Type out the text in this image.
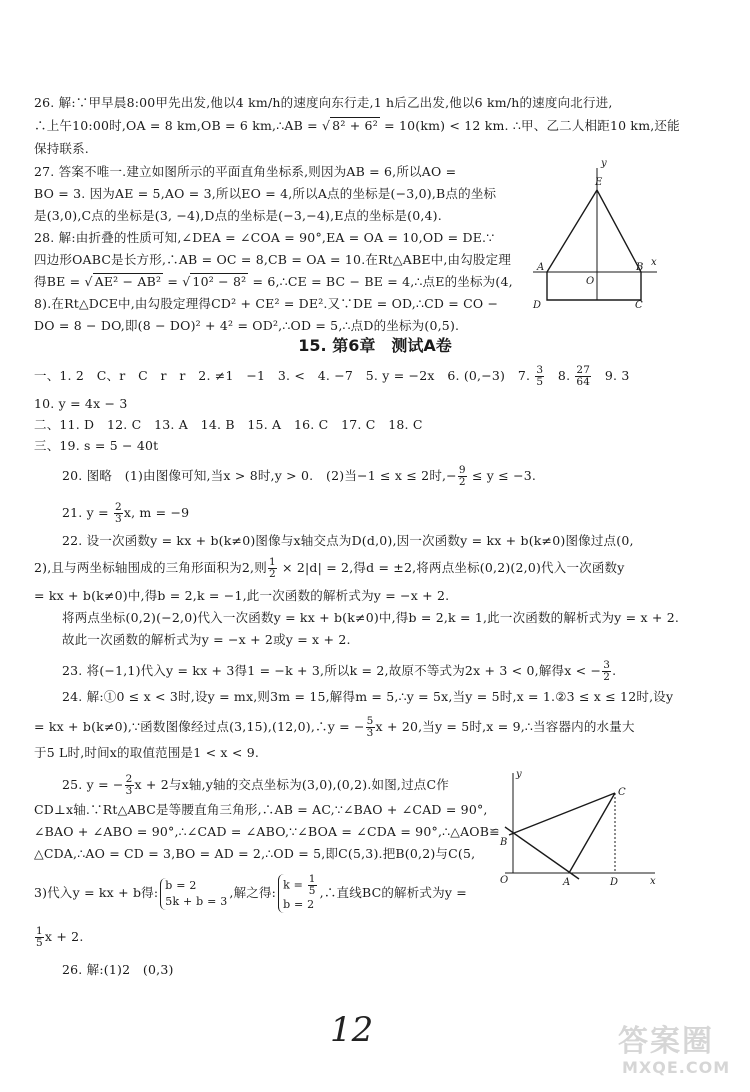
26. 解:∵甲早晨8:00甲先出发,他以4 km/h的速度向东行走,1 h后乙出发,他以6 km/h的速度向北行进,
∴上午10:00时,OA = 8 km,OB = 6 km,∴AB = √ 8² + 6² = 10(km) < 12 km. ∴甲、乙二人相距10 km,还能
保持联系.
27. 答案不唯一.建立如图所示的平面直角坐标系,则因为AB = 6,所以AO =
BO = 3. 因为AE = 5,AO = 3,所以EO = 4,所以A点的坐标是(−3,0),B点的坐标
是(3,0),C点的坐标是(3, −4),D点的坐标是(−3,−4),E点的坐标是(0,4).
28. 解:由折叠的性质可知,∠DEA = ∠COA = 90°,EA = OA = 10,OD = DE.∵
四边形OABC是长方形,∴AB = OC = 8,CB = OA = 10.在Rt△ABE中,由勾股定理
得BE = √ AE² − AB² = √ 10² − 8² = 6,∴CE = BC − BE = 4,∴点E的坐标为(4,
8).在Rt△DCE中,由勾股定理得CD² + CE² = DE².又∵DE = OD,∴CD = CO −
DO = 8 − DO,即(8 − DO)² + 4² = OD²,∴OD = 5,∴点D的坐标为(0,5).
y
x
E
A	B
O
D	C
15. 第6章　测试A卷
一、1. 2　C、r　C　r　r　2. ≠1　−1　3. <　4. −7　5. y = −2x　6. (0,−3)　7. $\frac{3}{5}$ 　8. $\frac{27}{64}$ 　9. 3
10. y = 4x − 3
二、11. D　12. C　13. A　14. B　15. A　16. C　17. C　18. C
三、19. s = 5 − 40t
20. 图略　(1)由图像可知,当x > 8时,y > 0.　(2)当−1 ≤ x ≤ 2时,− $\frac{9}{2} \le y \le -3$.
21. $y = \frac{2}{3} x$, m = −9
22. 设一次函数y = kx + b(k≠0)图像与x轴交点为D(d,0),因一次函数y = kx + b(k≠0)图像过点(0,
2),且与两坐标轴围成的三角形面积为2,则 $\frac{1}{2} \times 2|d| = 2$,得d = ±2,将两点坐标(0,2)(2,0)代入一次函数y
= kx + b(k≠0)中,得b = 2,k = −1,此一次函数的解析式为y = −x + 2.
将两点坐标(0,2)(−2,0)代入一次函数y = kx + b(k≠0)中,得b = 2,k = 1,此一次函数的解析式为y = x + 2.
故此一次函数的解析式为y = −x + 2或y = x + 2.
23. 将(−1,1)代入y = kx + 3得1 = −k + 3,所以k = 2,故原不等式为2x + 3 < 0,解得x < − $\frac{3}{2}$ .
24. 解:①0 ≤ x < 3时,设y = mx,则3m = 15,解得m = 5,∴y = 5x,当y = 5时,x = 1.②3 ≤ x ≤ 12时,设y
= kx + b(k≠0),∵函数图像经过点(3,15),(12,0),∴y = − $\frac{5}{3}$ x + 20,当y = 5时,x = 9,∴当容器内的水量大
于5 L时,时间x的取值范围是1 < x < 9.
25. y = − $\frac{2}{3}$ x + 2与x轴,y轴的交点坐标为(3,0),(0,2).如图,过点C作
CD⊥x轴.∵Rt△ABC是等腰直角三角形,∴AB = AC,∵∠BAO + ∠CAD = 90°,
∠BAO + ∠ABO = 90°,∴∠CAD = ∠ABO,∵∠BOA = ∠CDA = 90°,∴△AOB≌
△CDA,∴AO = CD = 3,BO = AD = 2,∴OD = 5,即C(5,3).把B(0,2)与C(5,
3)代入y = kx + b得: b = 2
5k + b = 3
,解之得: $k = \frac{1}{5}$
b = 2
,∴直线BC的解析式为y =
$\frac{1}{5}$ x + 2.
26. 解:(1)2　(0,3)
y
x
C
B
O	A	D
12	答案圈
MXQE.COM
